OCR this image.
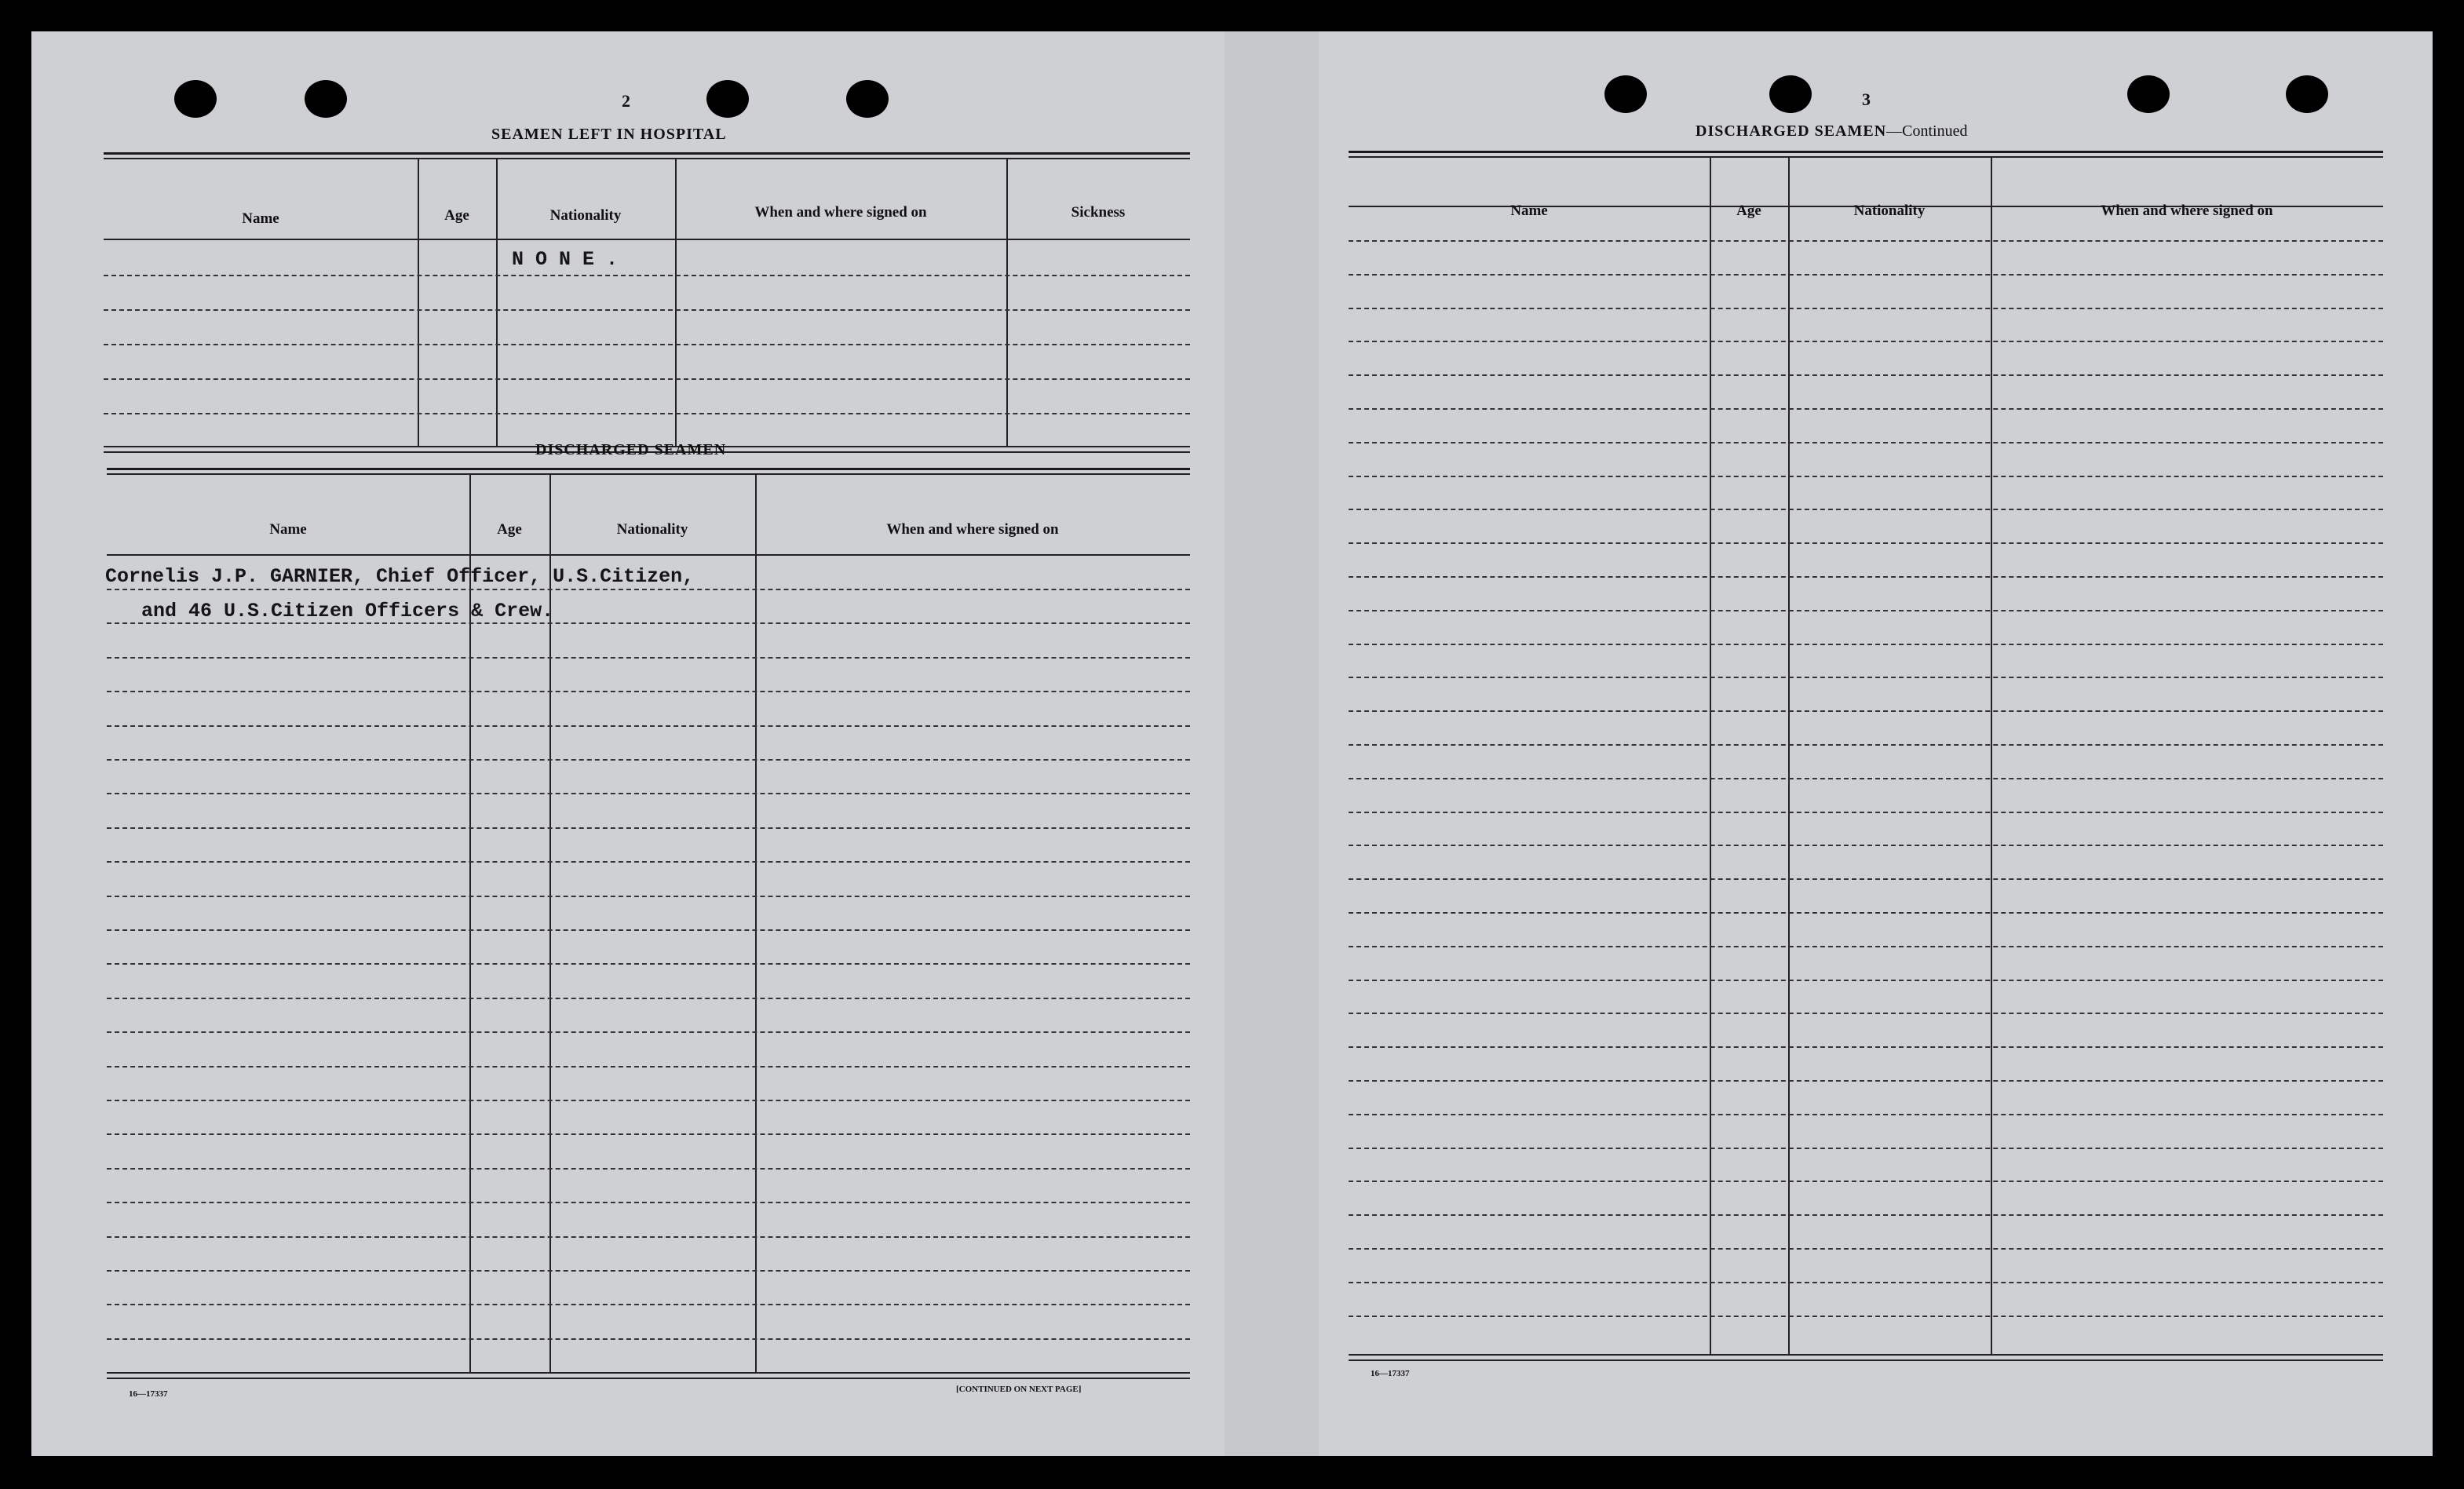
2
SEAMEN LEFT IN HOSPITAL
Name	Age	Nationality	When and where signed on	Sickness
N O N E .
DISCHARGED SEAMEN
Name	Age	Nationality	When and where signed on
Cornelis J.P. GARNIER, Chief Officer, U.S.Citizen,
and 46 U.S.Citizen Officers & Crew.
16—17337	[CONTINUED ON NEXT PAGE]
3
DISCHARGED SEAMEN—Continued
Name	Age	Nationality	When and where signed on
16—17337
